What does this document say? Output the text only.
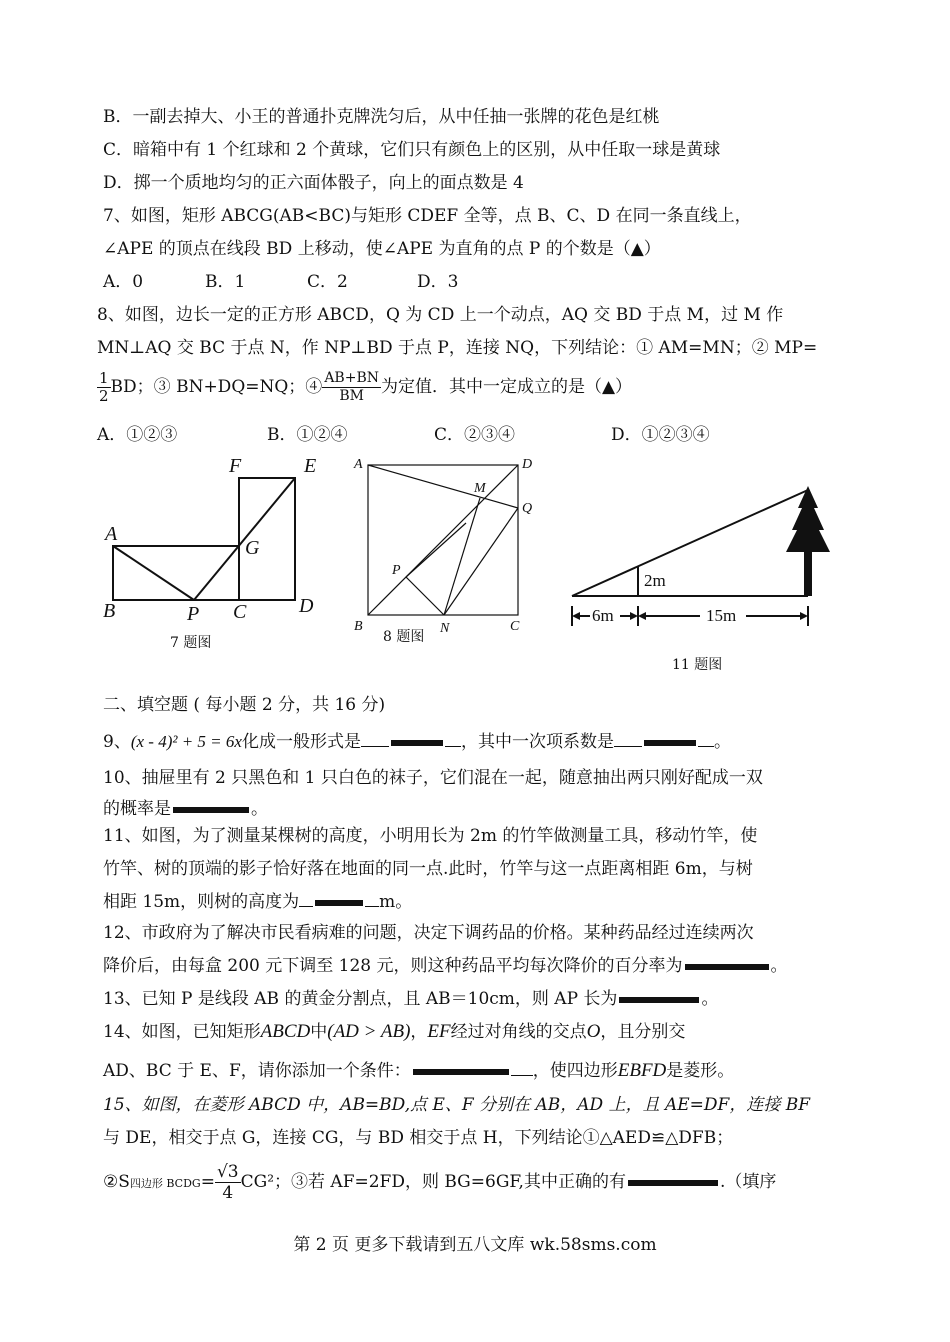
B．一副去掉大、小王的普通扑克牌洗匀后，从中任抽一张牌的花色是红桃
C．暗箱中有 1 个红球和 2 个黄球，它们只有颜色上的区别，从中任取一球是黄球
D．掷一个质地均匀的正六面体骰子，向上的面点数是 4
7、如图，矩形 ABCG(AB<BC)与矩形 CDEF 全等，点 B、C、D 在同一条直线上，
∠APE 的顶点在线段 BD 上移动，使∠APE 为直角的点 P 的个数是（▲）
A．0	B．1	C．2	D．3
8、如图，边长一定的正方形 ABCD，Q 为 CD 上一个动点，AQ 交 BD 于点 M，过 M 作
MN⊥AQ 交 BC 于点 N，作 NP⊥BD 于点 P，连接 NQ，下列结论：① AM=MN；② MP=
$\frac{1}{2}$ BD；③ BN+DQ=NQ；④ $\frac{AB+BN}{BM}$ 为定值．其中一定成立的是（▲）
A．①②③	B．①②④	C．②③④	D．①②③④
A
B	P C	D
G
F	E
7 题图
A	D
M
Q
P
B	N	C
8 题图
2m
6m	15m
11 题图
二、填空题 ( 每小题 2 分，共 16 分)
9、(x - 4)² + 5 = 6x化成一般形式是	，其中一次项系数是	。
10、抽屉里有 2 只黑色和 1 只白色的袜子，它们混在一起，随意抽出两只刚好配成一双
的概率是	。
11、如图，为了测量某棵树的高度，小明用长为 2m 的竹竿做测量工具，移动竹竿，使
竹竿、树的顶端的影子恰好落在地面的同一点.此时，竹竿与这一点距离相距 6m，与树
相距 15m，则树的高度为	m。
12、市政府为了解决市民看病难的问题，决定下调药品的价格。某种药品经过连续两次
降价后，由每盒 200 元下调至 128 元，则这种药品平均每次降价的百分率为	。
13、已知 P 是线段 AB 的黄金分割点，且 AB＝10cm，则 AP 长为	。
14、如图，已知矩形ABCD中(AD > AB)，EF经过对角线的交点O，且分别交
AD、BC 于 E、F，请你添加一个条件：	，使四边形EBFD是菱形。
15、如图，在菱形 ABCD 中，AB=BD,点 E、F 分别在 AB，AD 上，且 AE=DF，连接 BF
与 DE，相交于点 G，连接 CG，与 BD 相交于点 H，下列结论①△AED≌△DFB；
②S四边形 BCDG= $\frac{√3}{4} CG^2$；③若 AF=2FD，则 BG=6GF,其中正确的有	.（填序
第 2 页 更多下载请到五八文库 wk.58sms.com
